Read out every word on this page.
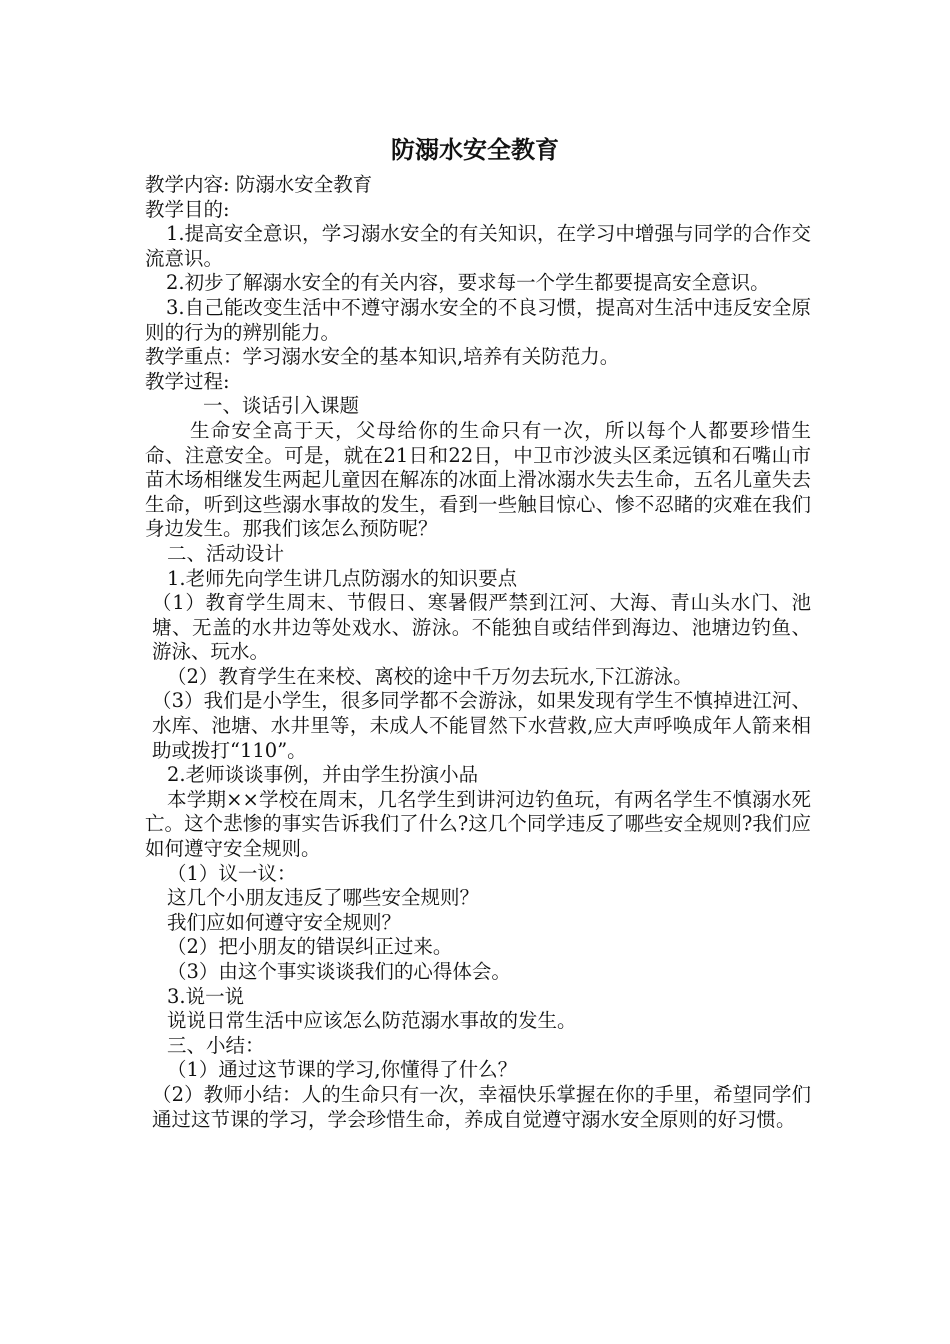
防溺水安全教育

教学内容: 防溺水安全教育

教学目的:

1.提高安全意识，学习溺水安全的有关知识，在学习中增强与同学的合作交流意识。

2.初步了解溺水安全的有关内容，要求每一个学生都要提高安全意识。

3.自己能改变生活中不遵守溺水安全的不良习惯，提高对生活中违反安全原则的行为的辨别能力。

教学重点：学习溺水安全的基本知识,培养有关防范力。

教学过程:

一、谈话引入课题

生命安全高于天，父母给你的生命只有一次，所以每个人都要珍惜生命、注意安全。可是，就在21日和22日，中卫市沙波头区柔远镇和石嘴山市苗木场相继发生两起儿童因在解冻的冰面上滑冰溺水失去生命，五名儿童失去生命，听到这些溺水事故的发生，看到一些触目惊心、惨不忍睹的灾难在我们身边发生。那我们该怎么预防呢？

二、活动设计

1.老师先向学生讲几点防溺水的知识要点

（1）教育学生周末、节假日、寒暑假严禁到江河、大海、青山头水门、池塘、无盖的水井边等处戏水、游泳。不能独自或结伴到海边、池塘边钓鱼、游泳、玩水。

（2）教育学生在来校、离校的途中千万勿去玩水,下江游泳。

（3）我们是小学生，很多同学都不会游泳，如果发现有学生不慎掉进江河、水库、池塘、水井里等，未成人不能冒然下水营救,应大声呼唤成年人箭来相助或拨打“110”。

2.老师谈谈事例，并由学生扮演小品

本学期××学校在周末，几名学生到讲河边钓鱼玩，有两名学生不慎溺水死亡。这个悲惨的事实告诉我们了什么?这几个同学违反了哪些安全规则?我们应如何遵守安全规则。

（1）议一议：

这几个小朋友违反了哪些安全规则？

我们应如何遵守安全规则？

（2）把小朋友的错误纠正过来。

（3）由这个事实谈谈我们的心得体会。

3.说一说

说说日常生活中应该怎么防范溺水事故的发生。

三、小结：

（1）通过这节课的学习,你懂得了什么？

（2）教师小结：人的生命只有一次，幸福快乐掌握在你的手里，希望同学们通过这节课的学习，学会珍惜生命，养成自觉遵守溺水安全原则的好习惯。
